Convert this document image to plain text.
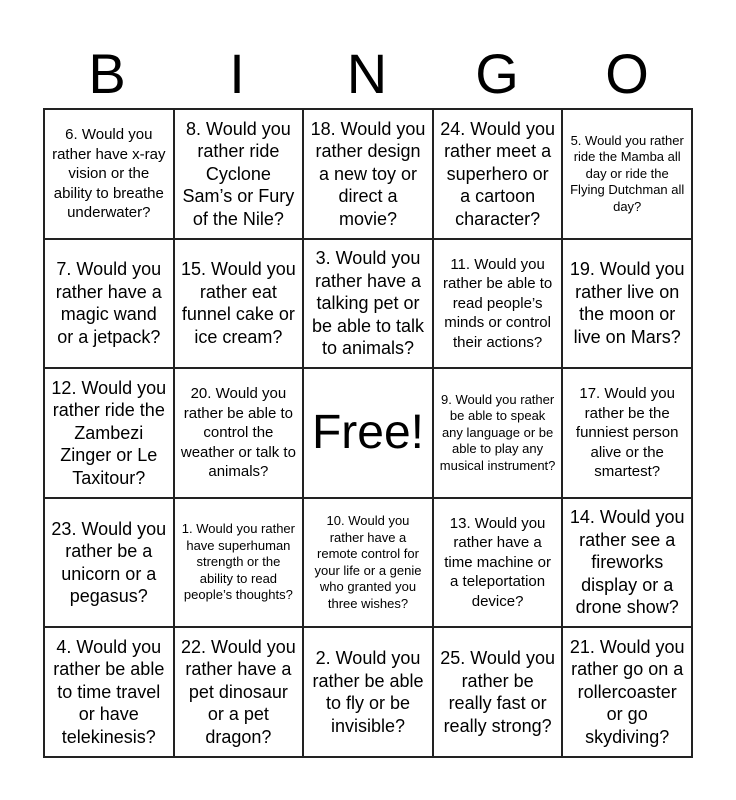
B	I	N	G	O
6. Would you rather have x-ray vision or the ability to breathe underwater?
8. Would you rather ride Cyclone Sam’s or Fury of the Nile?
18. Would you rather design a new toy or direct a movie?
24. Would you rather meet a superhero or a cartoon character?
5. Would you rather ride the Mamba all day or ride the Flying Dutchman all day?
7. Would you rather have a magic wand or a jetpack?
15. Would you rather eat funnel cake or ice cream?
3. Would you rather have a talking pet or be able to talk to animals?
11. Would you rather be able to read people’s minds or control their actions?
19. Would you rather live on the moon or live on Mars?
12. Would you rather ride the Zambezi Zinger or Le Taxitour?
20. Would you rather be able to control the weather or talk to animals?
Free!
9. Would you rather be able to speak any language or be able to play any musical instrument?
17. Would you rather be the funniest person alive or the smartest?
23. Would you rather be a unicorn or a pegasus?
1. Would you rather have superhuman strength or the ability to read people’s thoughts?
10. Would you rather have a remote control for your life or a genie who granted you three wishes?
13. Would you rather have a time machine or a teleportation device?
14. Would you rather see a fireworks display or a drone show?
4. Would you rather be able to time travel or have telekinesis?
22. Would you rather have a pet dinosaur or a pet dragon?
2. Would you rather be able to fly or be invisible?
25. Would you rather be really fast or really strong?
21. Would you rather go on a rollercoaster or go skydiving?
